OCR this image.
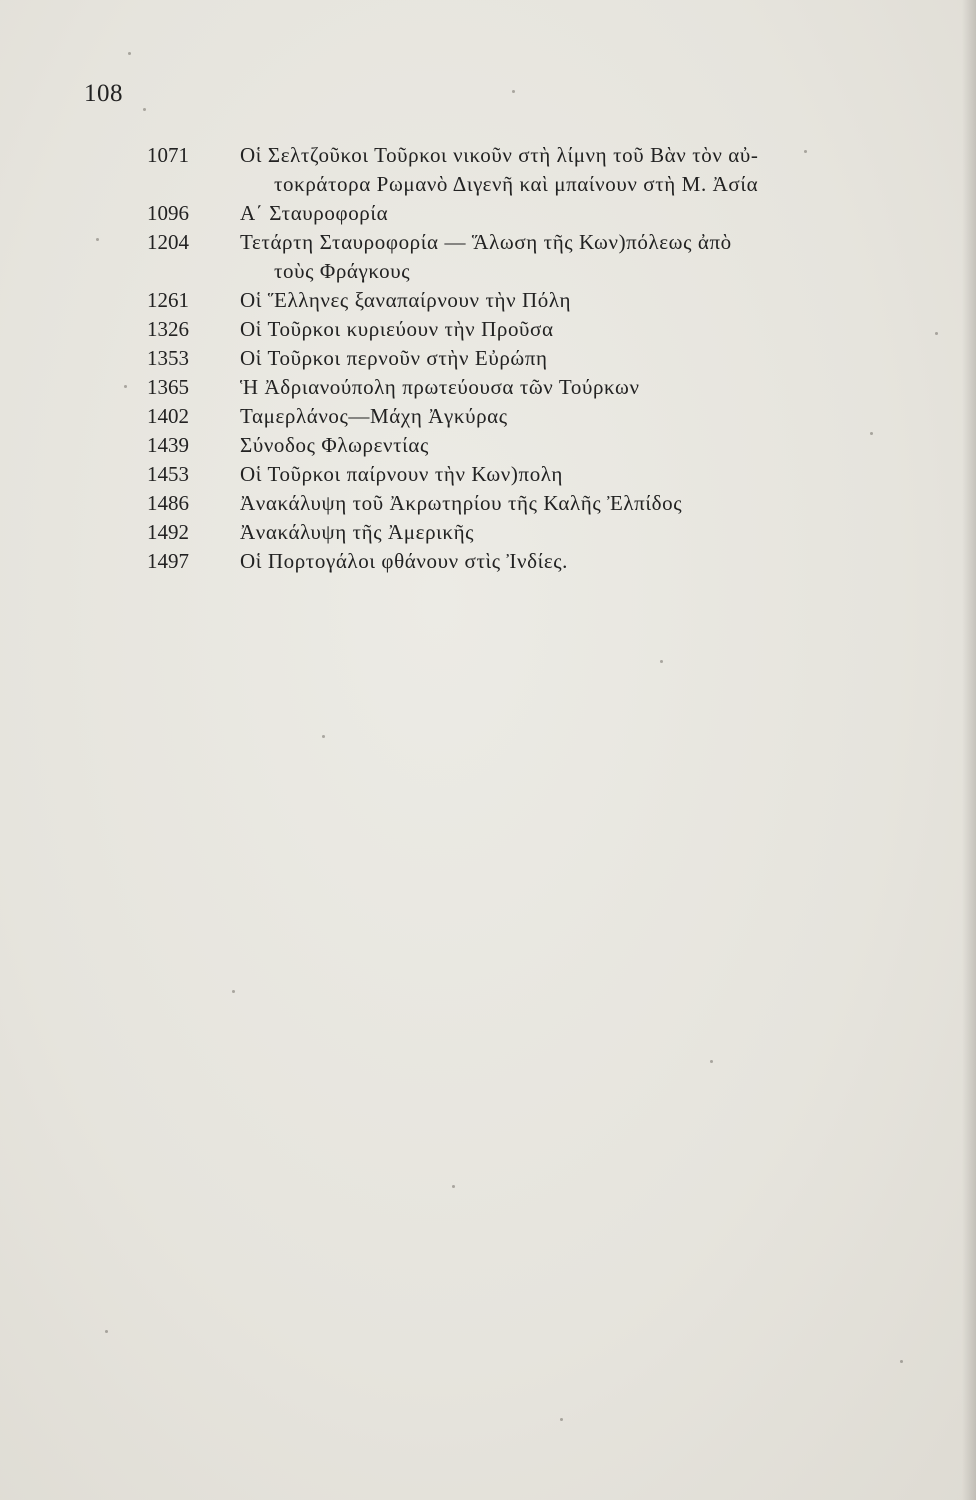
108
1071	Οἱ Σελτζοῦκοι Τοῦρκοι νικοῦν στὴ λίμνη τοῦ Βὰν τὸν αὐ-
τοκράτορα Ρωμανὸ Διγενῆ καὶ μπαίνουν στὴ Μ. Ἀσία
1096	Α΄ Σταυροφορία
1204	Τετάρτη Σταυροφορία — Ἅλωση τῆς Κων)πόλεως ἀπὸ
τοὺς Φράγκους
1261	Οἱ Ἕλληνες ξαναπαίρνουν τὴν Πόλη
1326	Οἱ Τοῦρκοι κυριεύουν τὴν Προῦσα
1353	Οἱ Τοῦρκοι περνοῦν στὴν Εὐρώπη
1365	Ἡ Ἀδριανούπολη πρωτεύουσα τῶν Τούρκων
1402	Ταμερλάνος—Μάχη Ἀγκύρας
1439	Σύνοδος Φλωρεντίας
1453	Οἱ Τοῦρκοι παίρνουν τὴν Κων)πολη
1486	Ἀνακάλυψη τοῦ Ἀκρωτηρίου τῆς Καλῆς Ἐλπίδος
1492	Ἀνακάλυψη τῆς Ἀμερικῆς
1497	Οἱ Πορτογάλοι φθάνουν στὶς Ἰνδίες.
